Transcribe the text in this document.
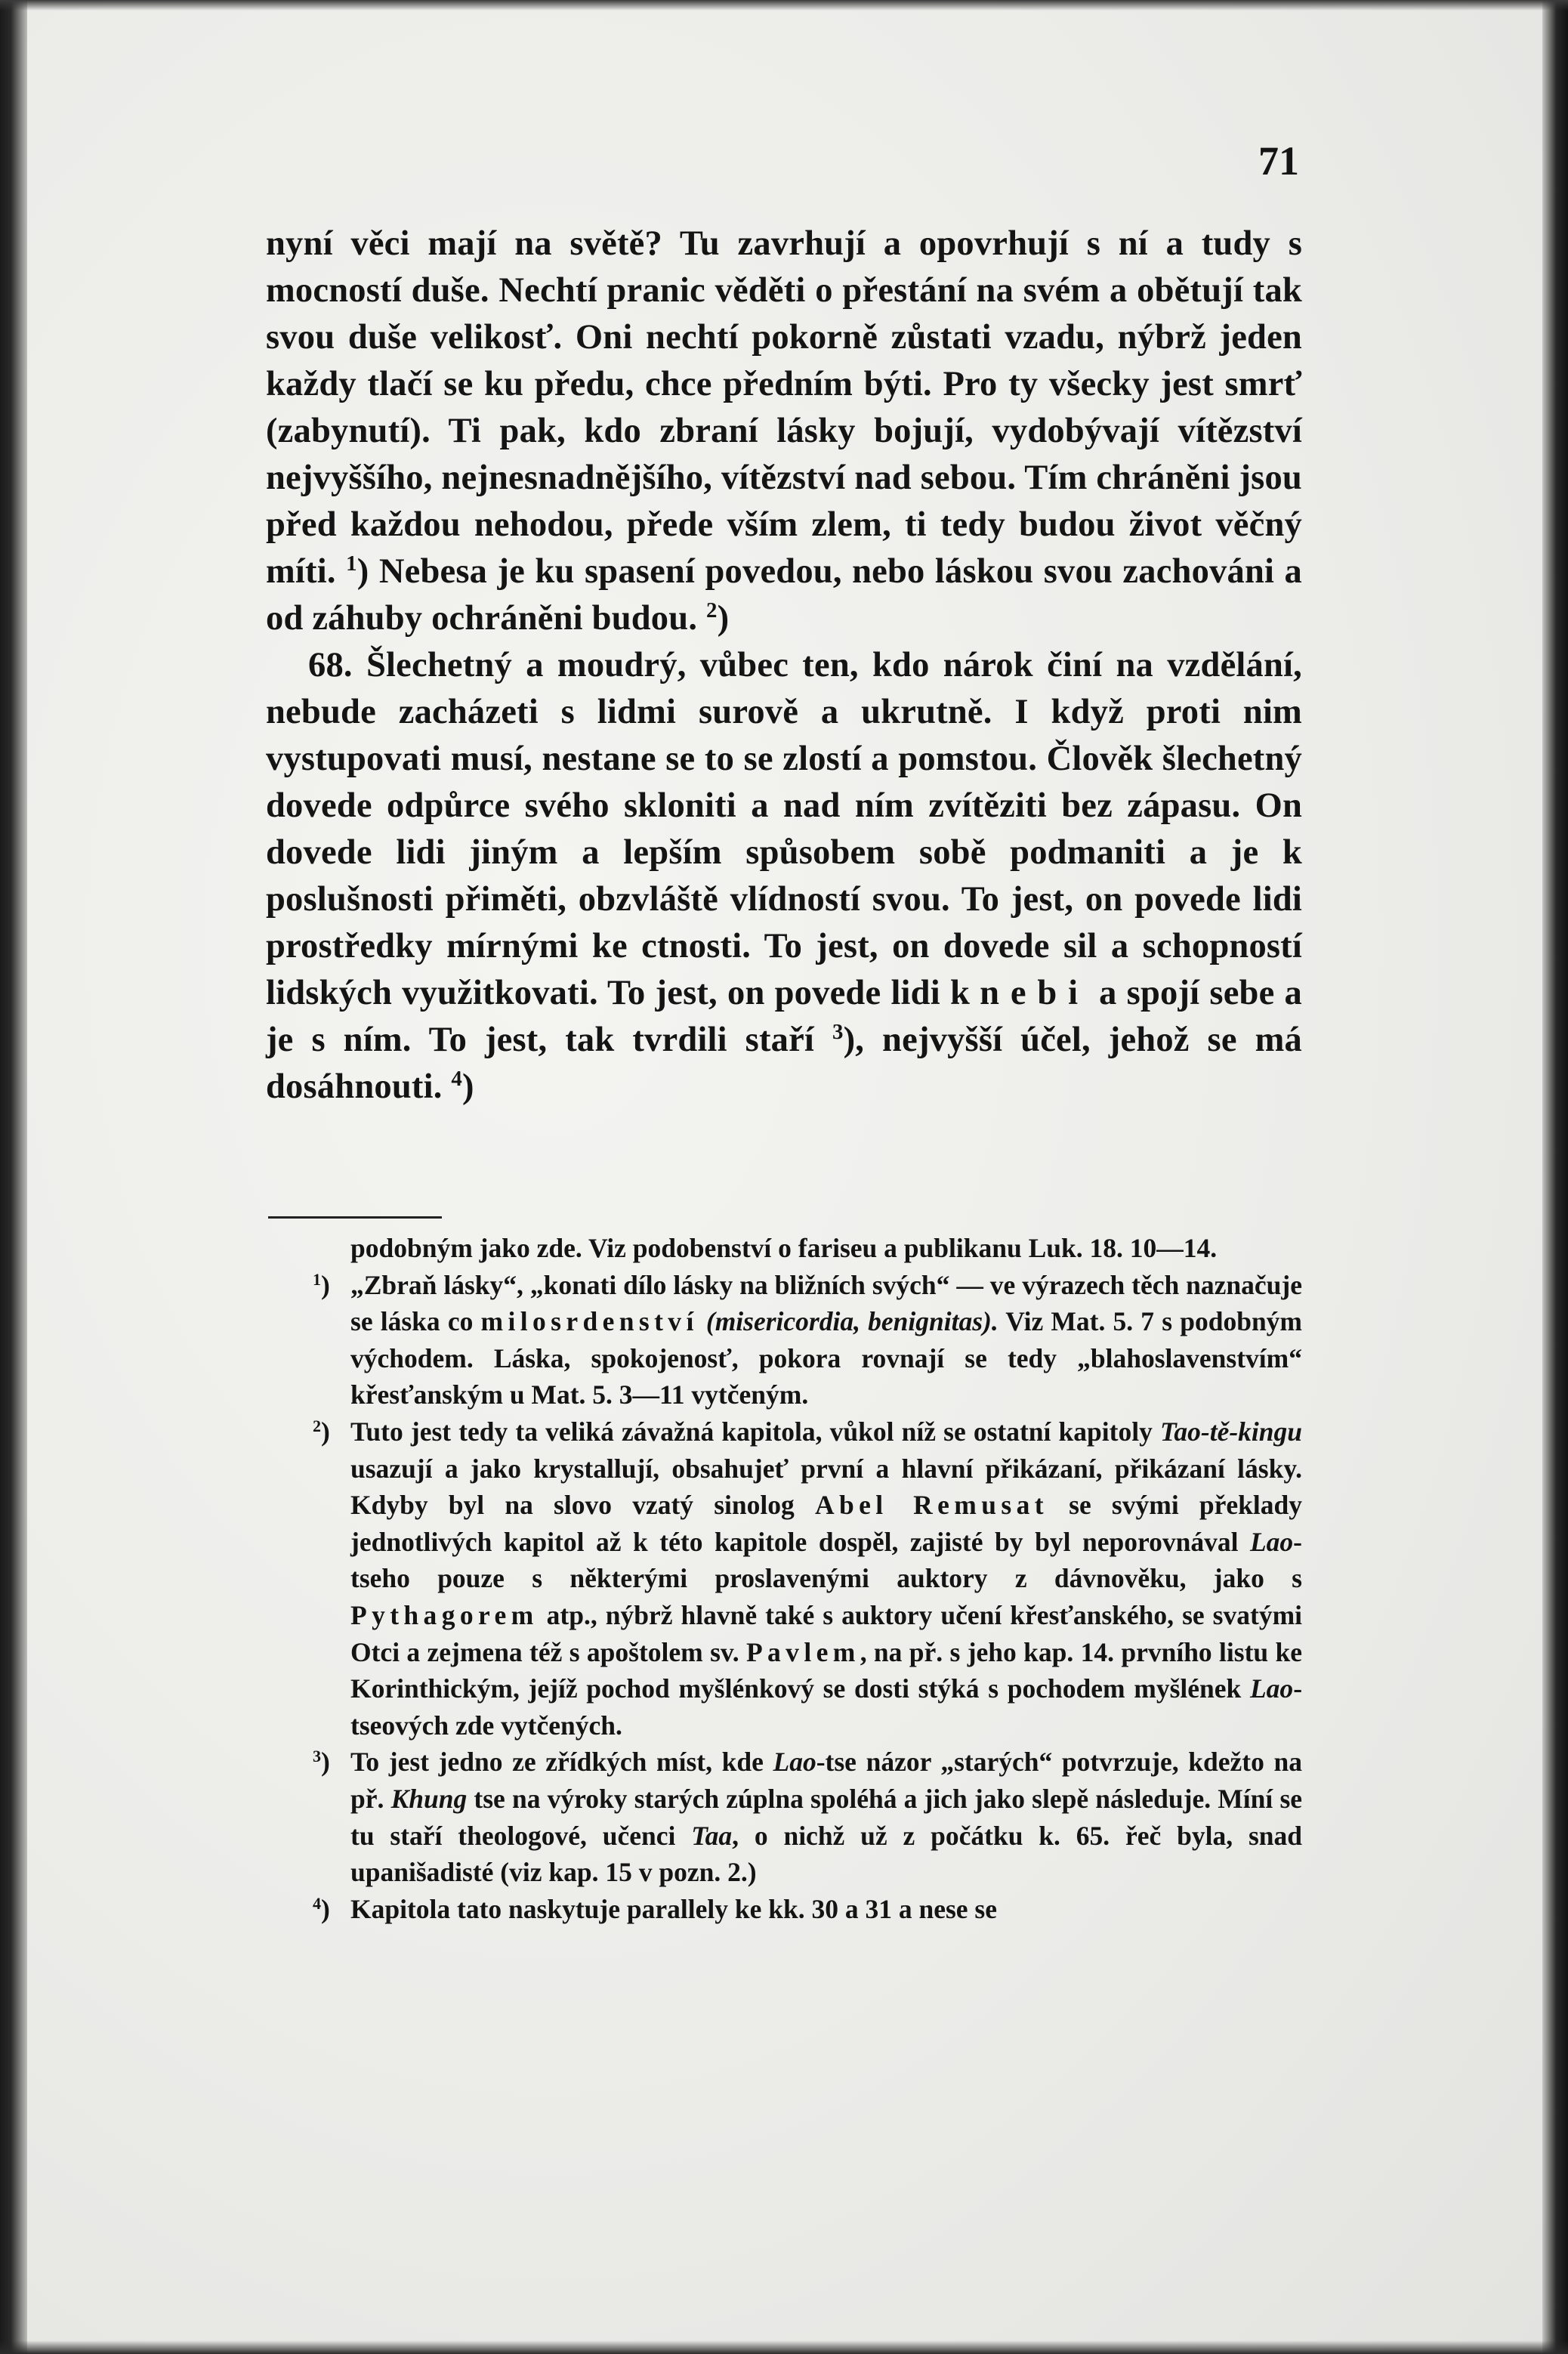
71

nyní věci mají na světě? Tu zavrhují a opovrhují s ní a tudy s mocností duše. Nechtí pranic věděti o přestání na svém a obětují tak svou duše velikosť. Oni nechtí pokorně zůstati vzadu, nýbrž jeden každy tlačí se ku předu, chce předním býti. Pro ty všecky jest smrť (zabynutí). Ti pak, kdo zbraní lásky bojují, vydobývají vítězství nejvyššího, nejnesnadnějšího, vítězství nad sebou. Tím chráněni jsou před každou nehodou, přede vším zlem, ti tedy budou život věčný míti. $^1$) Nebesa je ku spasení povedou, nebo láskou svou zachováni a od záhuby ochráněni budou. $^2$)

68. Šlechetný a moudrý, vůbec ten, kdo nárok činí na vzdělání, nebude zacházeti s lidmi surově a ukrutně. I když proti nim vystupovati musí, nestane se to se zlostí a pomstou. Člověk šlechetný dovede odpůrce svého skloniti a nad ním zvítěziti bez zápasu. On dovede lidi jiným a lepším spůsobem sobě podmaniti a je k poslušnosti přiměti, obzvláště vlídností svou. To jest, on povede lidi prostředky mírnými ke ctnosti. To jest, on dovede sil a schopností lidských využitkovati. To jest, on povede lidi k nebi a spojí sebe a je s ním. To jest, tak tvrdili staří $^3$), nejvyšší účel, jehož se má dosáhnouti. $^4$)

podobným jako zde. Viz podobenství o fariseu a publikanu Luk. 18. 10—14.

$^1$) „Zbraň lásky“, „konati dílo lásky na bližních svých“ — ve výrazech těch naznačuje se láska co milosrdenství (misericordia, benignitas). Viz Mat. 5. 7 s podobným východem. Láska, spokojenosť, pokora rovnají se tedy „blahoslavenstvím“ křesťanským u Mat. 5. 3—11 vytčeným.

$^2$) Tuto jest tedy ta veliká závažná kapitola, vůkol níž se ostatní kapitoly Tao-tě-kingu usazují a jako krystallují, obsahujeť první a hlavní přikázaní, přikázaní lásky. Kdyby byl na slovo vzatý sinolog Abel Remusat se svými překlady jednotlivých kapitol až k této kapitole dospěl, zajisté by byl neporovnával Lao-tseho pouze s některými proslavenými auktory z dávnověku, jako s Pythagorem atp., nýbrž hlavně také s auktory učení křesťanského, se svatými Otci a zejmena též s apoštolem sv. Pavlem, na př. s jeho kap. 14. prvního listu ke Korinthickým, jejíž pochod myšlénkový se dosti stýká s pochodem myšlének Lao-tseových zde vytčených.

$^3$) To jest jedno ze zřídkých míst, kde Lao-tse názor „starých“ potvrzuje, kdežto na př. Khung tse na výroky starých zúplna spoléhá a jich jako slepě následuje. Míní se tu staří theologové, učenci Taa, o nichž už z počátku k. 65. řeč byla, snad upanišadisté (viz kap. 15 v pozn. 2.)

$^4$) Kapitola tato naskytuje parallely ke kk. 30 a 31 a nese se
